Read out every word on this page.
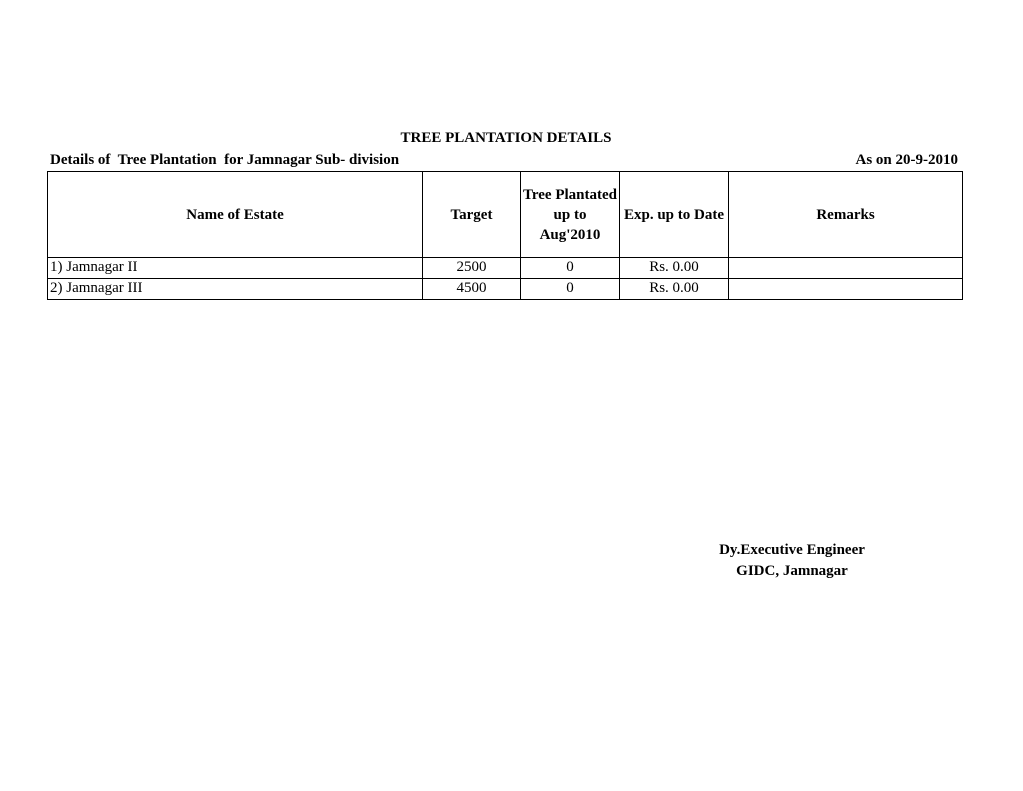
TREE PLANTATION DETAILS
Details of  Tree Plantation  for Jamnagar Sub- division	As on 20-9-2010
Name of Estate	Target	Tree Plantated up to Aug'2010	Exp. up to Date	Remarks
1) Jamnagar II	2500	0	Rs. 0.00	
2) Jamnagar III	4500	0	Rs. 0.00	
Dy.Executive Engineer
GIDC, Jamnagar
